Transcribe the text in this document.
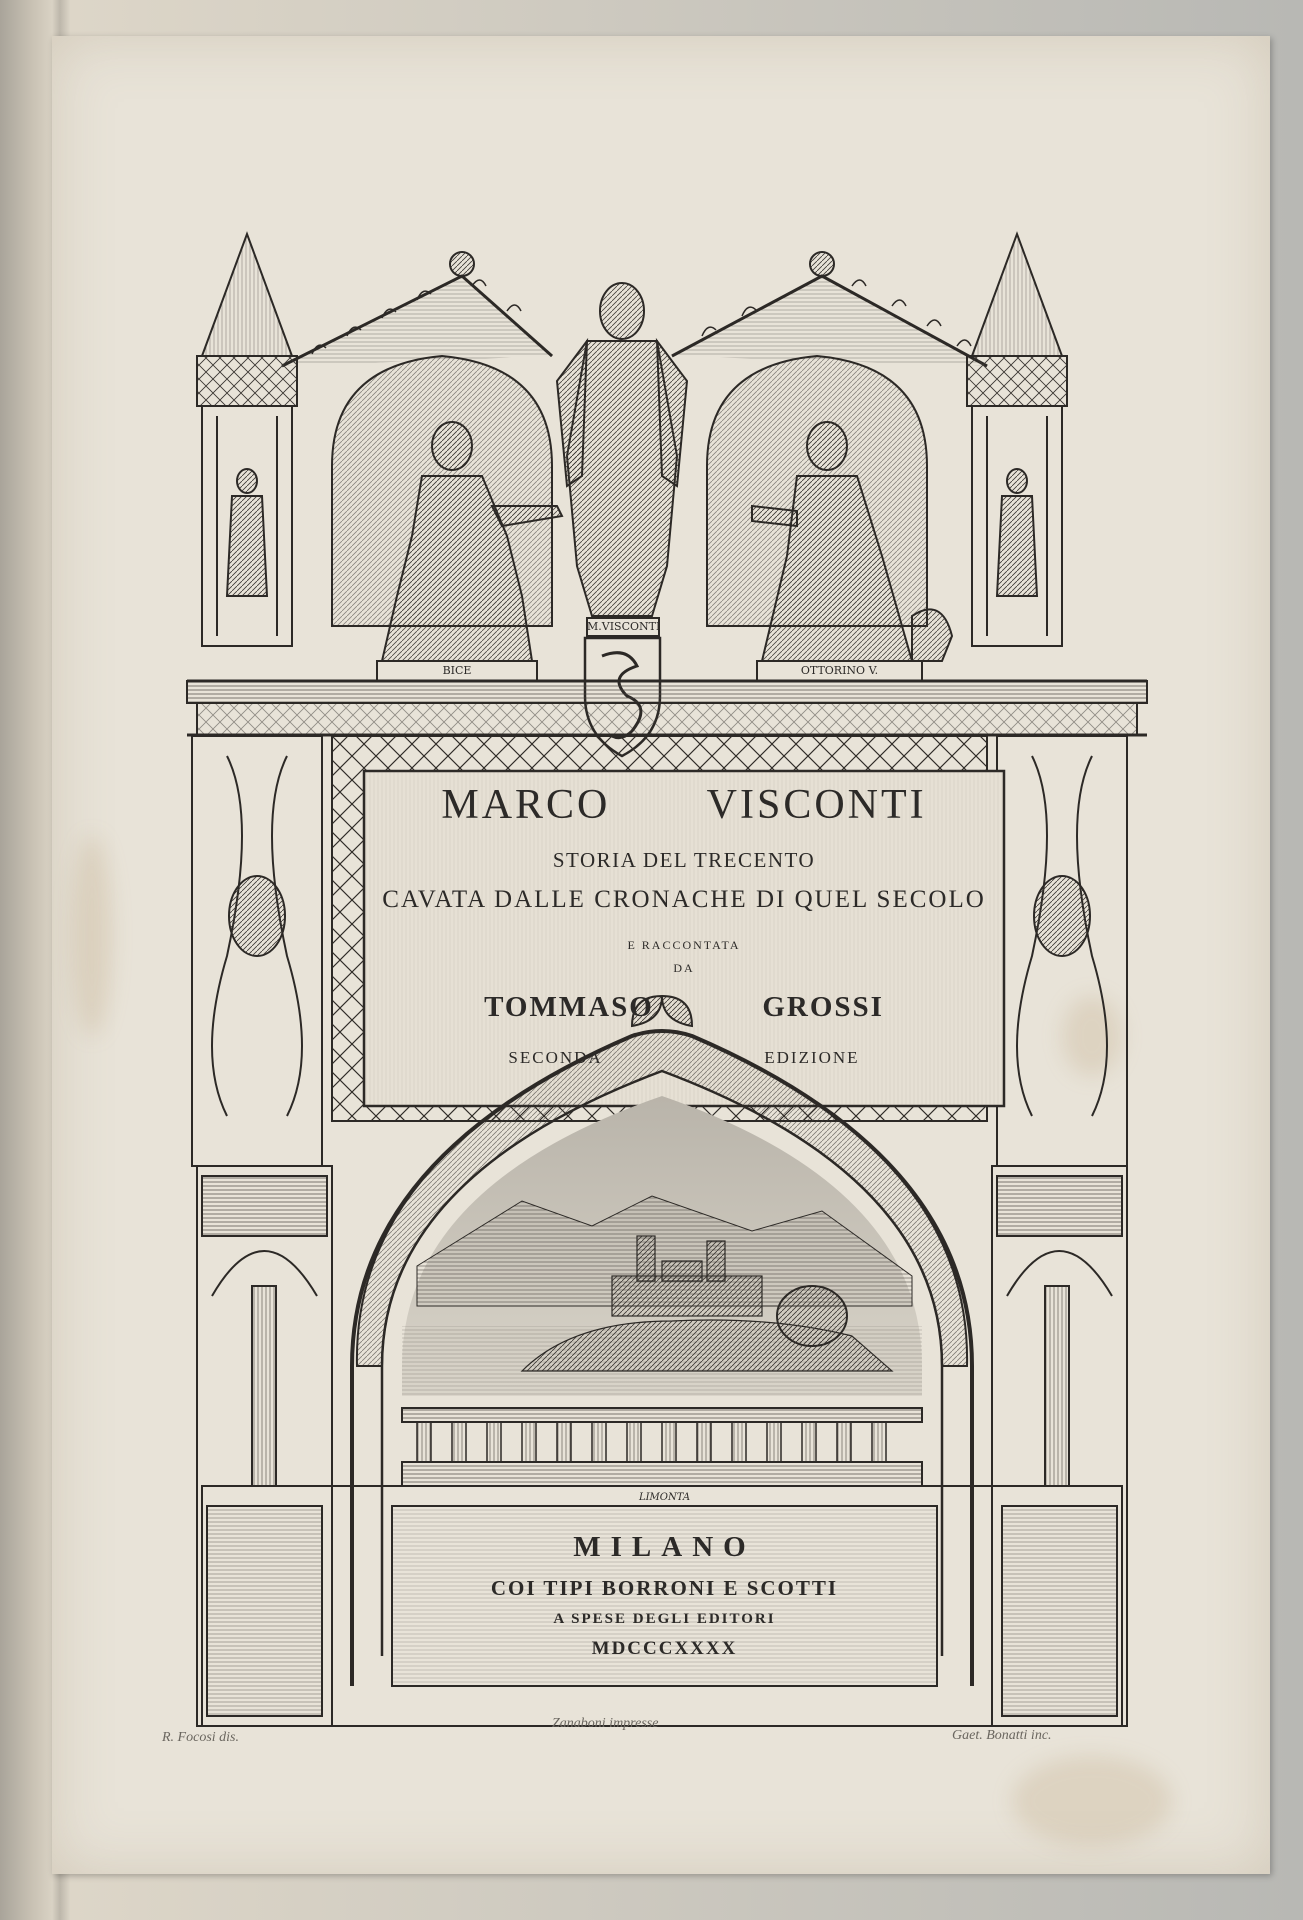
M.VISCONTI
BICE	OTTORINO V.
MARCO VISCONTI
STORIA DEL TRECENTO
CAVATA DALLE CRONACHE DI QUEL SECOLO
E RACCONTATA
DA
TOMMASO	GROSSI
SECONDA	EDIZIONE
LIMONTA
MILANO
COI TIPI BORRONI E SCOTTI
A SPESE DEGLI EDITORI
MDCCCXXXX
R. Focosi dis.
Zanaboni impresse
Gaet. Bonatti inc.
